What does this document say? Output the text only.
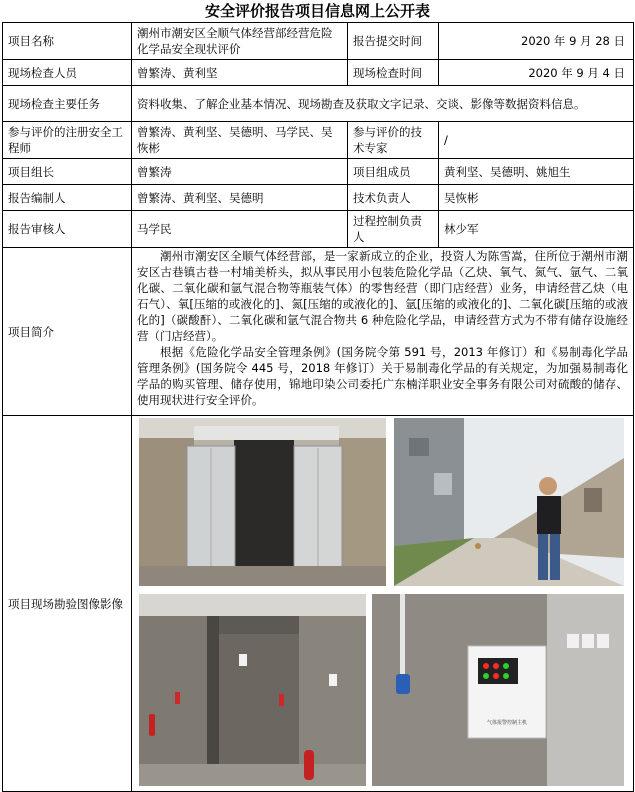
安全评价报告项目信息网上公开表
项目名称	潮州市潮安区全顺气体经营部经营危险化学品安全现状评价	报告提交时间	2020 年 9 月 28 日
现场检查人员	曾繁涛、黄利坚	现场检查时间	2020 年 9 月 4 日
现场检查主要任务	资料收集、了解企业基本情况、现场勘查及获取文字记录、交谈、影像等数据资料信息。		
参与评价的注册安全工程师	曾繁涛、黄利坚、吴德明、马学民、吴恢彬	参与评价的技术专家	/
项目组长	曾繁涛	项目组成员	黄利坚、吴德明、姚旭生
报告编制人	曾繁涛、黄利坚、吴德明	技术负责人	吴恢彬
报告审核人	马学民	过程控制负责人	林少军
项目简介	潮州市潮安区全顺气体经营部，是一家新成立的企业，投资人为陈雪嵩，住所位于潮州市潮安区古巷镇古巷一村埔美桥头，拟从事民用小包装危险化学品（乙炔、氧气、氮气、氩气、二氧化碳、二氧化碳和氩气混合物等瓶装气体）的零售经营（即门店经营）业务，申请经营乙炔（电石气）、氧[压缩的或液化的]、氮[压缩的或液化的]、氩[压缩的或液化的]、二氧化碳[压缩的或液化的]（碳酸酐）、二氧化碳和氩气混合物共 6 种危险化学品，申请经营方式为不带有储存设施经营（门店经营）。

根据《危险化学品安全管理条例》(国务院令第 591 号，2013 年修订）和《易制毒化学品管理条例》(国务院令 445 号，2018 年修订）关于易制毒化学品的有关规定，为加强易制毒化学品的购买管理、储存使用，锦地印染公司委托广东楠洋职业安全事务有限公司对硫酸的储存、使用现状进行安全评价。		

项目现场勘验图像影像	气体报警控制主机		
